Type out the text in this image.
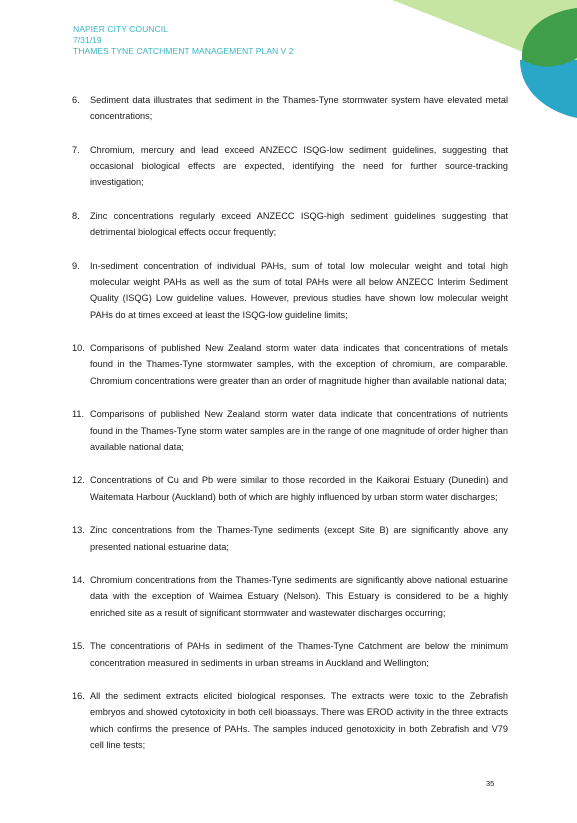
NAPIER CITY COUNCIL
7/31/19
THAMES TYNE CATCHMENT MANAGEMENT PLAN V 2
6. Sediment data illustrates that sediment in the Thames-Tyne stormwater system have elevated metal concentrations;
7. Chromium, mercury and lead exceed ANZECC ISQG-low sediment guidelines, suggesting that occasional biological effects are expected, identifying the need for further source-tracking investigation;
8. Zinc concentrations regularly exceed ANZECC ISQG-high sediment guidelines suggesting that detrimental biological effects occur frequently;
9. In-sediment concentration of individual PAHs, sum of total low molecular weight and total high molecular weight PAHs as well as the sum of total PAHs were all below ANZECC Interim Sediment Quality (ISQG) Low guideline values. However, previous studies have shown low molecular weight PAHs do at times exceed at least the ISQG-low guideline limits;
10. Comparisons of published New Zealand storm water data indicates that concentrations of metals found in the Thames-Tyne stormwater samples, with the exception of chromium, are comparable. Chromium concentrations were greater than an order of magnitude higher than available national data;
11. Comparisons of published New Zealand storm water data indicate that concentrations of nutrients found in the Thames-Tyne storm water samples are in the range of one magnitude of order higher than available national data;
12. Concentrations of Cu and Pb were similar to those recorded in the Kaikorai Estuary (Dunedin) and Waitemata Harbour (Auckland) both of which are highly influenced by urban storm water discharges;
13. Zinc concentrations from the Thames-Tyne sediments (except Site B) are significantly above any presented national estuarine data;
14. Chromium concentrations from the Thames-Tyne sediments are significantly above national estuarine data with the exception of Waimea Estuary (Nelson). This Estuary is considered to be a highly enriched site as a result of significant stormwater and wastewater discharges occurring;
15. The concentrations of PAHs in sediment of the Thames-Tyne Catchment are below the minimum concentration measured in sediments in urban streams in Auckland and Wellington;
16. All the sediment extracts elicited biological responses. The extracts were toxic to the Zebrafish embryos and showed cytotoxicity in both cell bioassays. There was EROD activity in the three extracts which confirms the presence of PAHs. The samples induced genotoxicity in both Zebrafish and V79 cell line tests;
35
